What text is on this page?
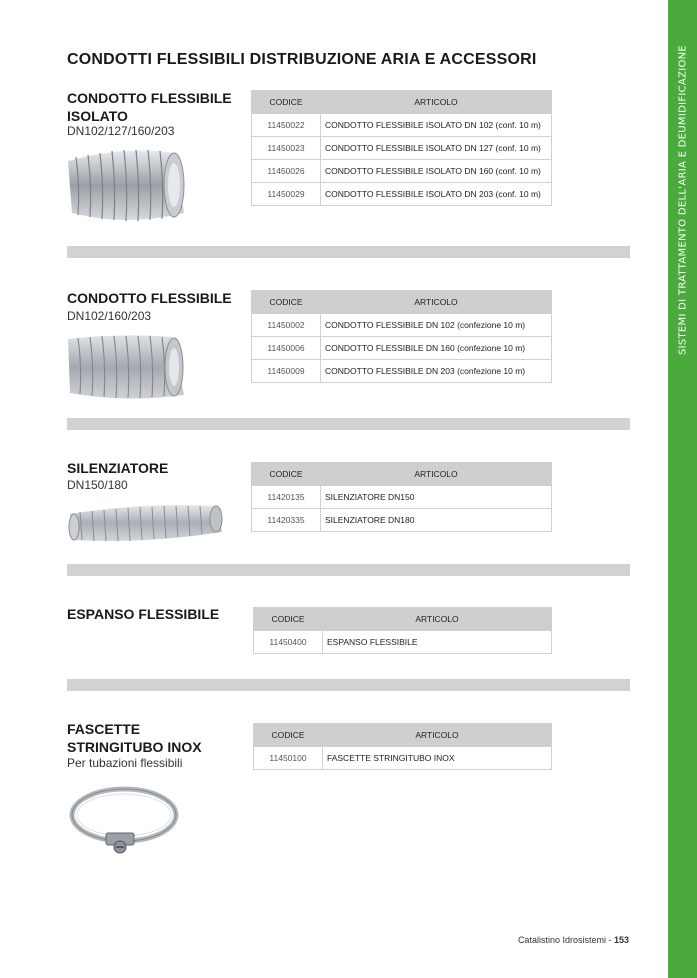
SISTEMI DI TRATTAMENTO DELL'ARIA E DEUMIDIFICAZIONE
CONDOTTI FLESSIBILI DISTRIBUZIONE ARIA E ACCESSORI
CONDOTTO FLESSIBILE ISOLATO
DN102/127/160/203
CODICE	ARTICOLO
11450022	CONDOTTO FLESSIBILE ISOLATO DN 102 (conf. 10 m)
11450023	CONDOTTO FLESSIBILE ISOLATO DN 127 (conf. 10 m)
11450026	CONDOTTO FLESSIBILE ISOLATO DN 160 (conf. 10 m)
11450029	CONDOTTO FLESSIBILE ISOLATO DN 203 (conf. 10 m)
CONDOTTO FLESSIBILE
DN102/160/203
CODICE	ARTICOLO
11450002	CONDOTTO FLESSIBILE DN 102 (confezione 10 m)
11450006	CONDOTTO FLESSIBILE DN 160 (confezione 10 m)
11450009	CONDOTTO FLESSIBILE DN 203 (confezione 10 m)
SILENZIATORE
DN150/180
CODICE	ARTICOLO
11420135	SILENZIATORE DN150
11420335	SILENZIATORE DN180
ESPANSO FLESSIBILE	CODICE	ARTICOLO
11450400	ESPANSO FLESSIBILE
FASCETTE STRINGITUBO INOX
Per tubazioni flessibili
CODICE	ARTICOLO
11450100	FASCETTE STRINGITUBO INOX
Catalistino Idrosistemi - 153
